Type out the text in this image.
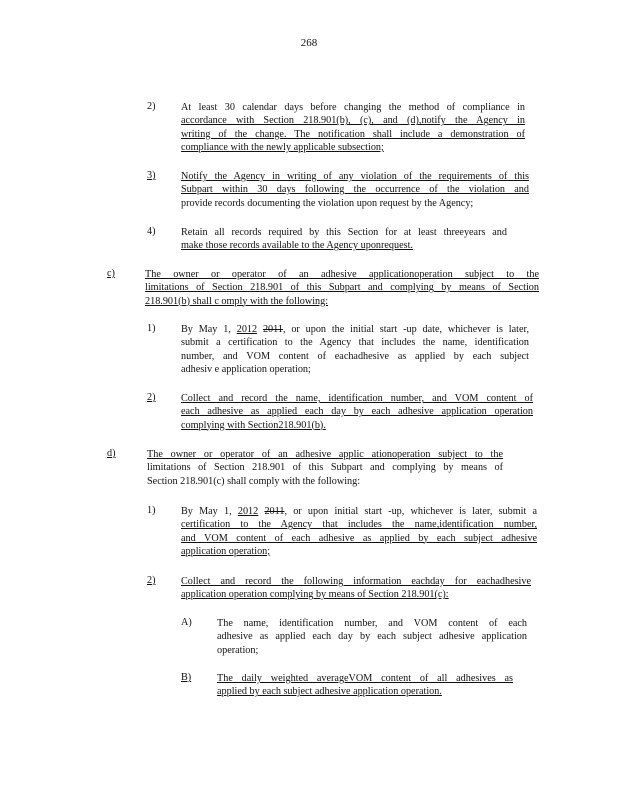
268
2)	At least 30 calendar days before changing the method of compliance in
accordance with Section 218.901(b), (c), and (d),notify the Agency in
writing of the change. The notification shall include a demonstration of
compliance with the newly applicable subsection;
3)	Notify the Agency in writing of any violation of the requirements of this
Subpart within 30 days following the occurrence of the violation and
provide records documenting the violation upon request by the Agency;
4)	Retain all records required by this Section for at least threeyears and
make those records available to the Agency uponrequest.
c)	The owner or operator of an adhesive applicationoperation subject to the
limitations of Section 218.901 of this Subpart and complying by means of Section
218.901(b) shall c omply with the following:
1)	By May 1, 2012 2011, or upon the initial start -up date, whichever is later,
submit a certification to the Agency that includes the name, identification
number, and VOM content of eachadhesive as applied by each subject
adhesiv e application operation;
2)	Collect and record the name, identification number, and VOM content of
each adhesive as applied each day by each adhesive application operation
complying with Section218.901(b).
d)	The owner or operator of an adhesive applic ationoperation subject to the
limitations of Section 218.901 of this Subpart and complying by means of
Section 218.901(c) shall comply with the following:
1)	By May 1, 2012 2011, or upon initial start -up, whichever is later, submit a
certification to the Agency that includes the name,identification number,
and VOM content of each adhesive as applied by each subject adhesive
application operation;
2)	Collect and record the following information eachday for eachadhesive
application operation complying by means of Section 218.901(c):
A) The name, identification number, and VOM content of each
adhesive as applied each day by each subject adhesive application
operation;
B)	The daily weighted averageVOM content of all adhesives as
applied by each subject adhesive application operation.
